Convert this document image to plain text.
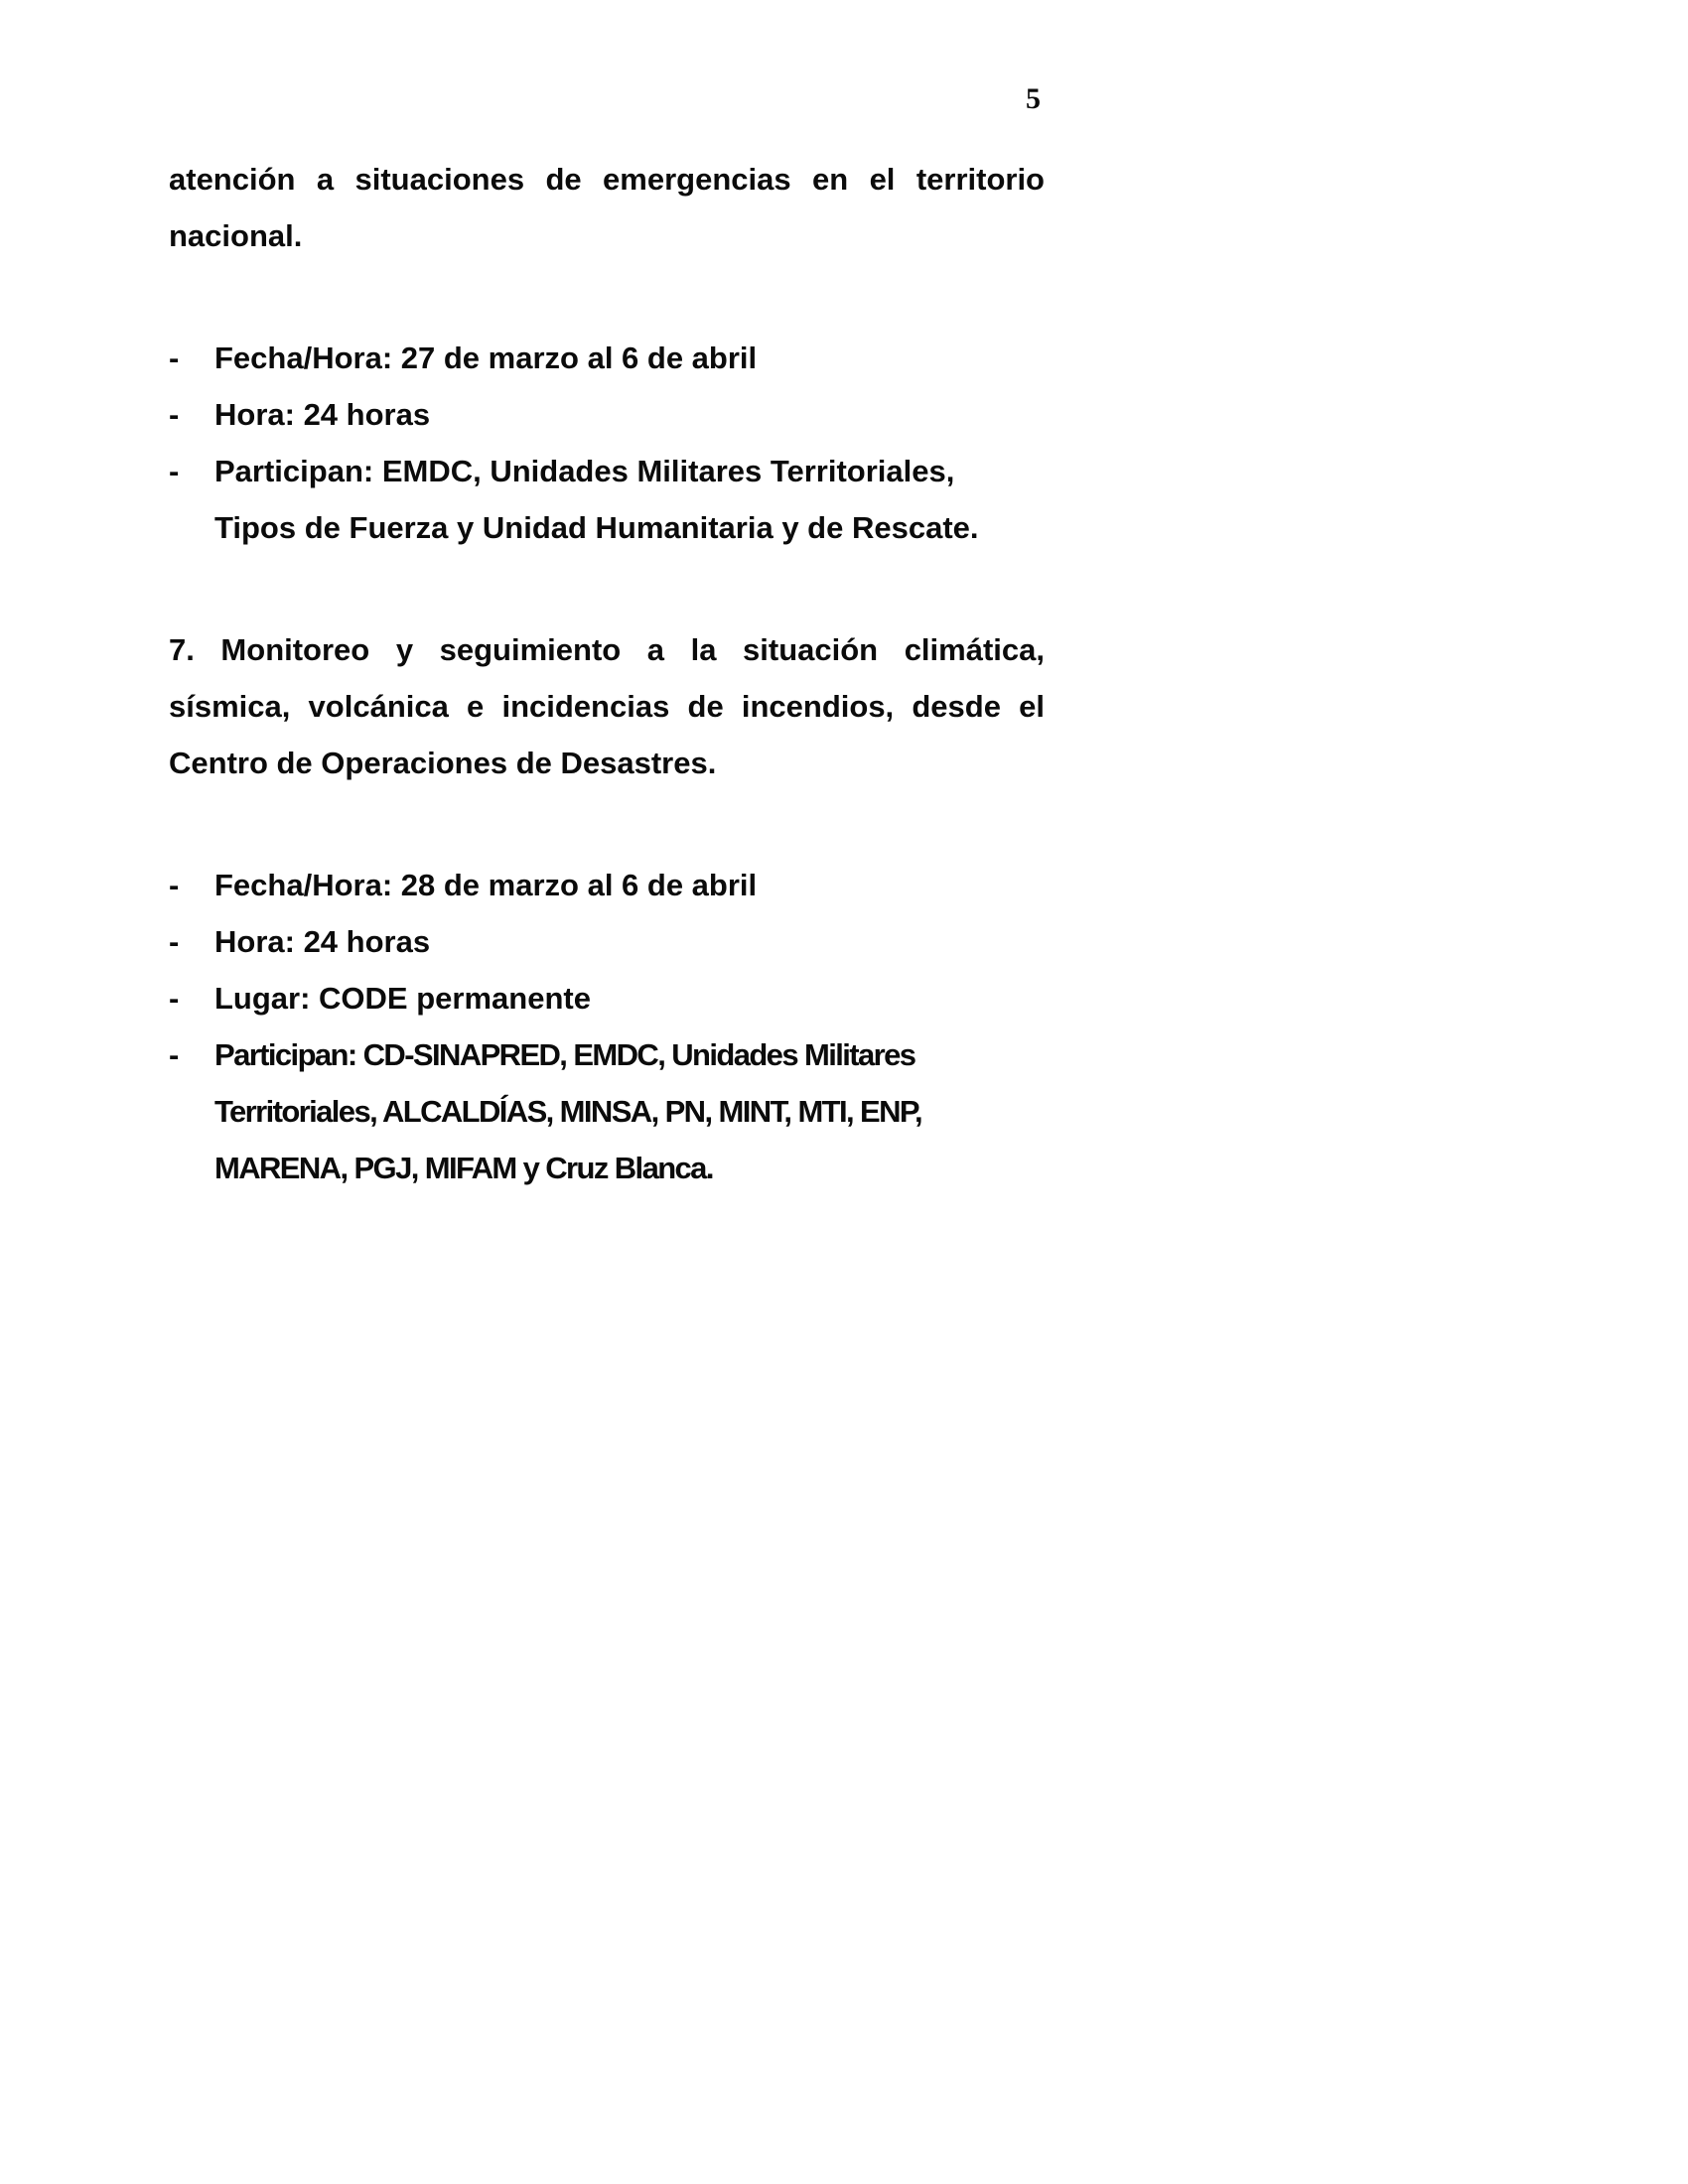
5

atención a situaciones de emergencias en el territorio nacional.

-	Fecha/Hora: 27 de marzo al 6 de abril
-	Hora: 24 horas
-	Participan: EMDC, Unidades Militares Territoriales, Tipos de Fuerza y Unidad Humanitaria y de Rescate.

7. Monitoreo y seguimiento a la situación climática, sísmica, volcánica e incidencias de incendios, desde el Centro de Operaciones de Desastres.

-	Fecha/Hora: 28 de marzo al 6 de abril
-	Hora: 24 horas
-	Lugar: CODE permanente
-	Participan: CD-SINAPRED, EMDC, Unidades Militares Territoriales, ALCALDÍAS, MINSA, PN, MINT, MTI, ENP, MARENA, PGJ, MIFAM y Cruz Blanca.
